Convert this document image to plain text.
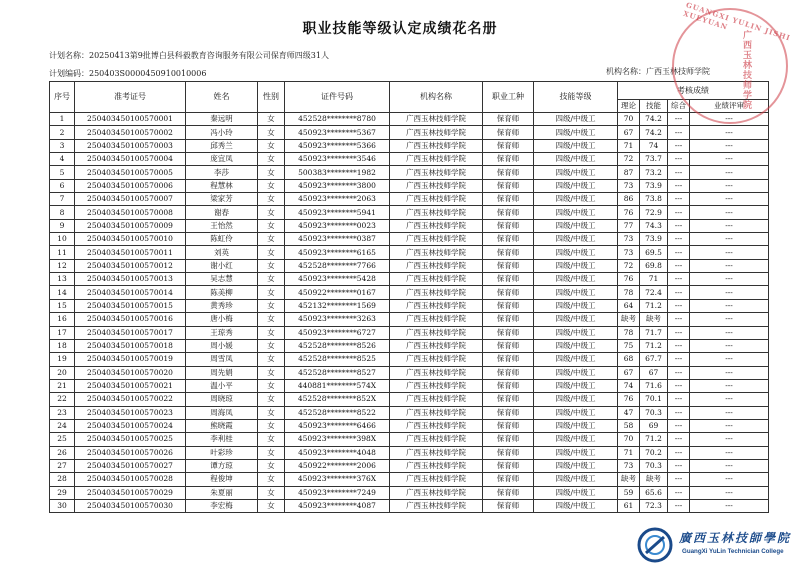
职业技能等级认定成绩花名册
计划名称：20250413第9批博白县科毅教育咨询服务有限公司保育师四级31人
计划编码：250403S0000450910010006	机构名称：广西玉林技师学院
序号	准考证号	姓名	性别	证件号码	机构名称	职业工种	技能等级	考核成绩			
								理论	技能	综合	业绩评审
1	250403450100570001	秦远明	女	452528********8780	广西玉林技师学院	保育师	四级/中级工	70	74.2	---	---
2	250403450100570002	冯小玲	女	450923********5367	广西玉林技师学院	保育师	四级/中级工	67	74.2	---	---
3	250403450100570003	邱秀兰	女	450923********5366	广西玉林技师学院	保育师	四级/中级工	71	74	---	---
4	250403450100570004	庞宜凤	女	450923********3546	广西玉林技师学院	保育师	四级/中级工	72	73.7	---	---
5	250403450100570005	李莎	女	500383********1982	广西玉林技师学院	保育师	四级/中级工	87	73.2	---	---
6	250403450100570006	程慧林	女	450923********3800	广西玉林技师学院	保育师	四级/中级工	73	73.9	---	---
7	250403450100570007	梁家芳	女	450923********2063	广西玉林技师学院	保育师	四级/中级工	86	73.8	---	---
8	250403450100570008	谢春	女	450923********5941	广西玉林技师学院	保育师	四级/中级工	76	72.9	---	---
9	250403450100570009	王怡然	女	450923********0023	广西玉林技师学院	保育师	四级/中级工	77	74.3	---	---
10	250403450100570010	陈虹伶	女	450923********0387	广西玉林技师学院	保育师	四级/中级工	73	73.9	---	---
11	250403450100570011	刘英	女	450923********6165	广西玉林技师学院	保育师	四级/中级工	73	69.5	---	---
12	250403450100570012	谢小红	女	452528********7766	广西玉林技师学院	保育师	四级/中级工	72	69.8	---	---
13	250403450100570013	吴志慧	女	450923********5428	广西玉林技师学院	保育师	四级/中级工	76	71	---	---
14	250403450100570014	陈美柳	女	450922********0167	广西玉林技师学院	保育师	四级/中级工	78	72.4	---	---
15	250403450100570015	黄秀珍	女	452132********1569	广西玉林技师学院	保育师	四级/中级工	64	71.2	---	---
16	250403450100570016	唐小梅	女	450923********3263	广西玉林技师学院	保育师	四级/中级工	缺考	缺考	---	---
17	250403450100570017	王琼秀	女	450923********6727	广西玉林技师学院	保育师	四级/中级工	78	71.7	---	---
18	250403450100570018	周小媛	女	452528********8526	广西玉林技师学院	保育师	四级/中级工	75	71.2	---	---
19	250403450100570019	周雪凤	女	452528********8525	广西玉林技师学院	保育师	四级/中级工	68	67.7	---	---
20	250403450100570020	周先娟	女	452528********8527	广西玉林技师学院	保育师	四级/中级工	67	67	---	---
21	250403450100570021	温小平	女	440881********574X	广西玉林技师学院	保育师	四级/中级工	74	71.6	---	---
22	250403450100570022	周晓琼	女	452528********852X	广西玉林技师学院	保育师	四级/中级工	76	70.1	---	---
23	250403450100570023	周海凤	女	452528********8522	广西玉林技师学院	保育师	四级/中级工	47	70.3	---	---
24	250403450100570024	熊晓霞	女	450923********6466	广西玉林技师学院	保育师	四级/中级工	58	69	---	---
25	250403450100570025	李利桂	女	450923********398X	广西玉林技师学院	保育师	四级/中级工	70	71.2	---	---
26	250403450100570026	叶彩珍	女	450923********4048	广西玉林技师学院	保育师	四级/中级工	71	70.2	---	---
27	250403450100570027	谭方琼	女	450922********2006	广西玉林技师学院	保育师	四级/中级工	73	70.3	---	---
28	250403450100570028	程俊坤	女	450923********376X	广西玉林技师学院	保育师	四级/中级工	缺考	缺考	---	---
29	250403450100570029	朱夏丽	女	450923********7249	广西玉林技师学院	保育师	四级/中级工	59	65.6	---	---
30	250403450100570030	李宏梅	女	450923********4087	广西玉林技师学院	保育师	四级/中级工	61	72.3	---	---
GUANGXI YULIN JISHI XUEYUAN
广西玉林技师学院
廣西玉林技師學院
GuangXi YuLin Technician College
